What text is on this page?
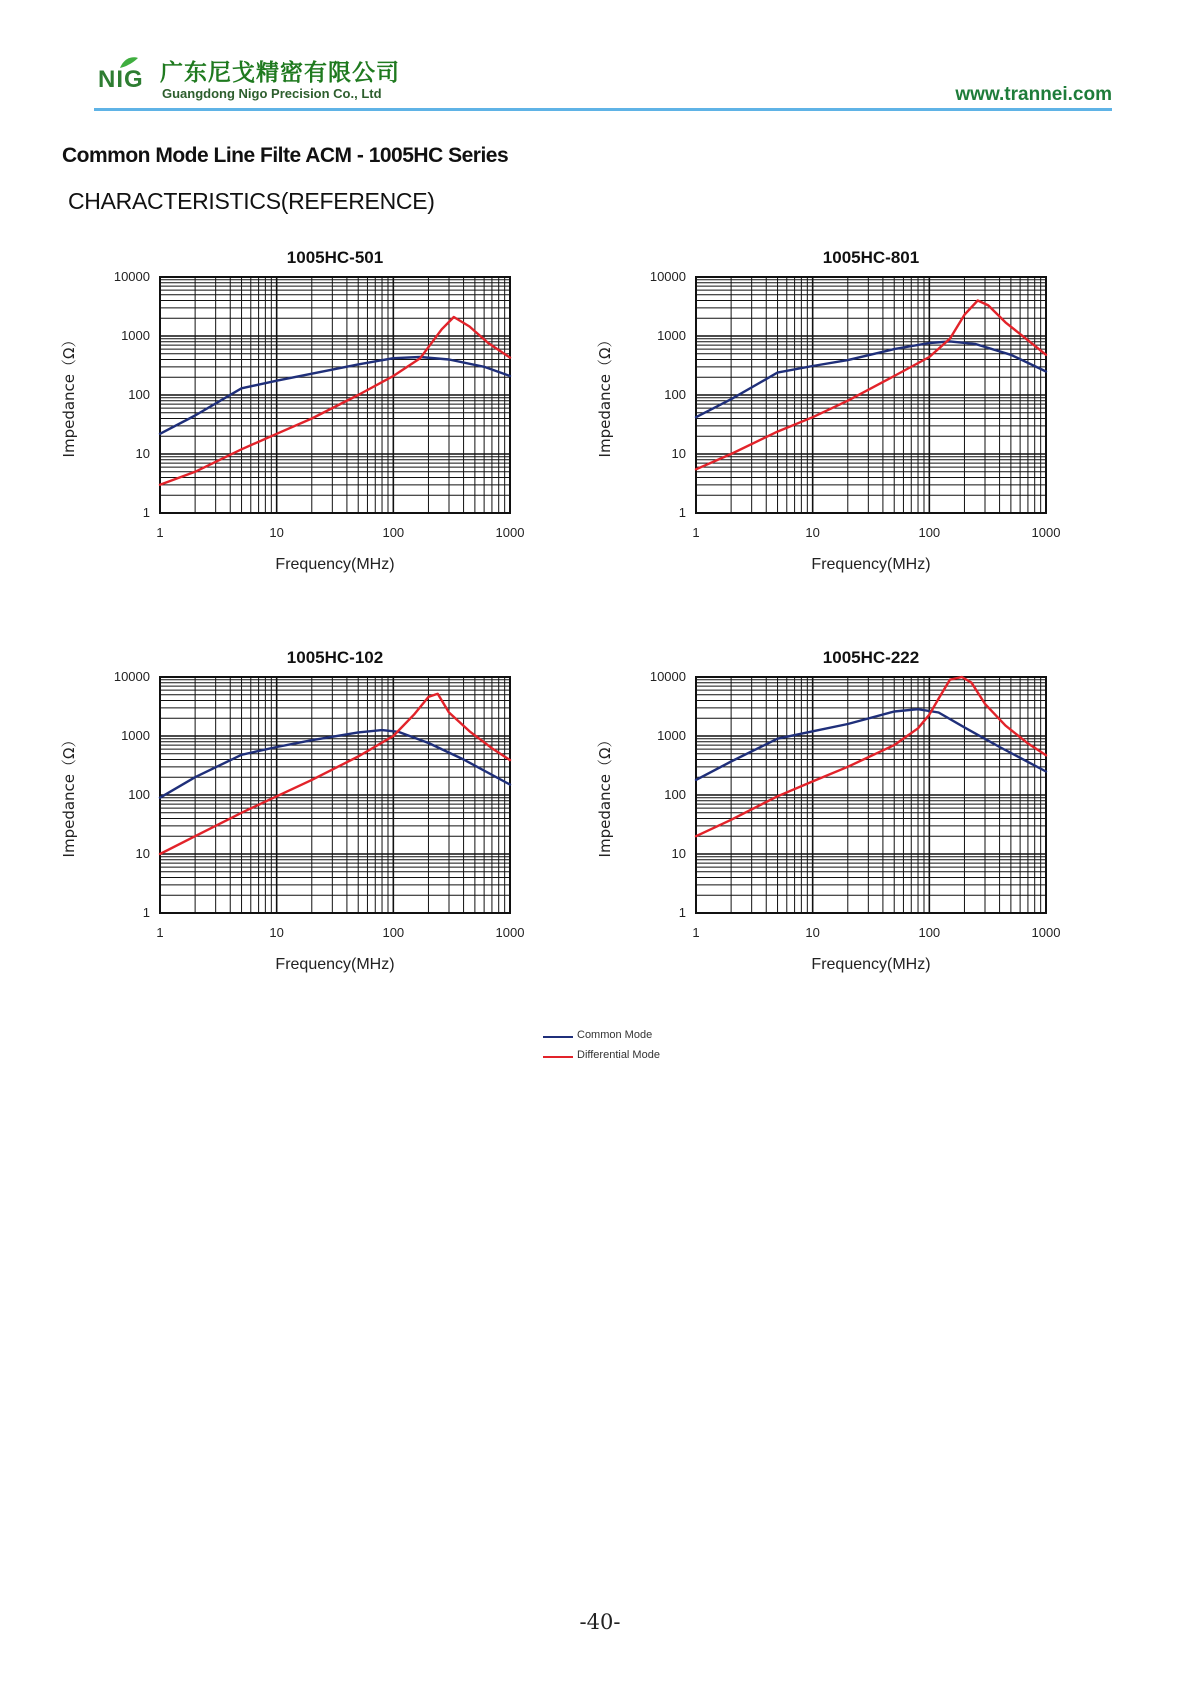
NIG 广东尼戈精密有限公司
Guangdong Nigo Precision Co., Ltd	www.trannei.com
Common Mode Line Filte ACM - 1005HC Series
CHARACTERISTICS(REFERENCE)
1	10	100	1000
1
10
100
1000
10000
1005HC-501
Frequency(MHz)
Impedance（Ω）
1	10	100	1000
1
10
100
1000
10000
1005HC-801
Frequency(MHz)
Impedance（Ω）
1	10	100	1000
1
10
100
1000
10000
1005HC-102
Frequency(MHz)
Impedance（Ω）
1	10	100	1000
1
10
100
1000
10000
1005HC-222
Frequency(MHz)
Impedance（Ω）
Common Mode
Differential Mode
-40-
